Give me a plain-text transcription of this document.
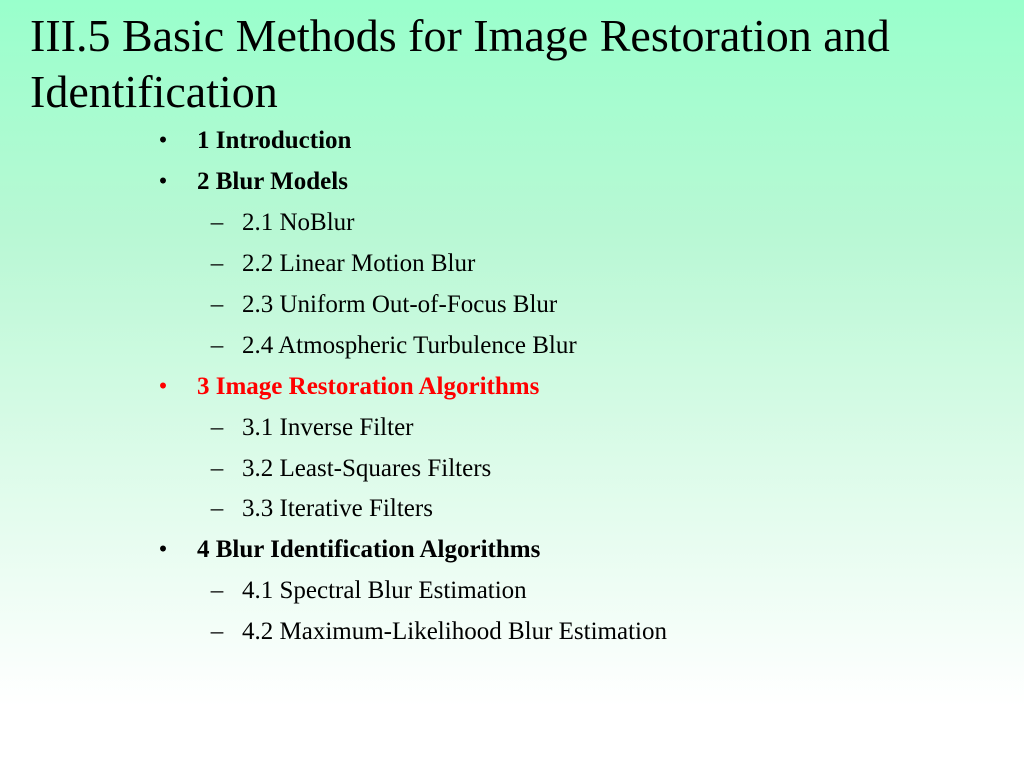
III.5 Basic Methods for Image Restoration and Identification
•	1 Introduction
•	2 Blur Models
– 2.1 NoBlur
– 2.2 Linear Motion Blur
– 2.3 Uniform Out-of-Focus Blur
– 2.4 Atmospheric Turbulence Blur
•	3 Image Restoration Algorithms
– 3.1 Inverse Filter
– 3.2 Least-Squares Filters
– 3.3 Iterative Filters
•	4 Blur Identification Algorithms
– 4.1 Spectral Blur Estimation
– 4.2 Maximum-Likelihood Blur Estimation
